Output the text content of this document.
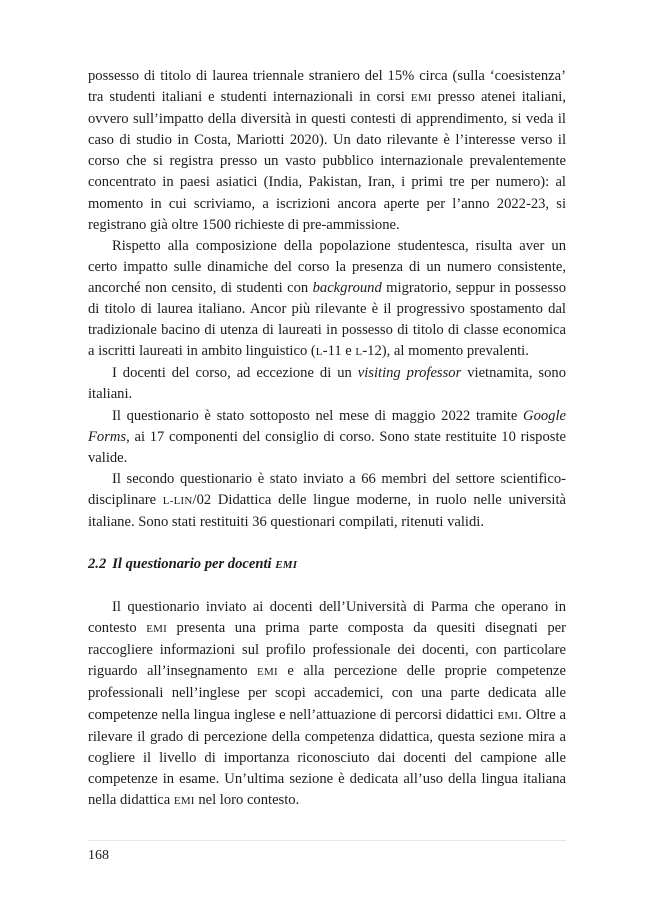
possesso di titolo di laurea triennale straniero del 15% circa (sulla ‘coesistenza’ tra studenti italiani e studenti internazionali in corsi EMI presso atenei italiani, ovvero sull’impatto della diversità in questi contesti di apprendimento, si veda il caso di studio in Costa, Mariotti 2020). Un dato rilevante è l’interesse verso il corso che si registra presso un vasto pubblico internazionale prevalentemente concentrato in paesi asiatici (India, Pakistan, Iran, i primi tre per numero): al momento in cui scriviamo, a iscrizioni ancora aperte per l’anno 2022-23, si registrano già oltre 1500 richieste di pre-ammissione.

Rispetto alla composizione della popolazione studentesca, risulta aver un certo impatto sulle dinamiche del corso la presenza di un numero consistente, ancorché non censito, di studenti con background migratorio, seppur in possesso di titolo di laurea italiano. Ancor più rilevante è il progressivo spostamento dal tradizionale bacino di utenza di laureati in possesso di titolo di classe economica a iscritti laureati in ambito linguistico (L-11 e L-12), al momento prevalenti.

I docenti del corso, ad eccezione di un visiting professor vietnamita, sono italiani.

Il questionario è stato sottoposto nel mese di maggio 2022 tramite Google Forms, ai 17 componenti del consiglio di corso. Sono state restituite 10 risposte valide.

Il secondo questionario è stato inviato a 66 membri del settore scientifico-disciplinare L-LIN/02 Didattica delle lingue moderne, in ruolo nelle università italiane. Sono stati restituiti 36 questionari compilati, ritenuti validi.

2.2 Il questionario per docenti EMI

Il questionario inviato ai docenti dell’Università di Parma che operano in contesto EMI presenta una prima parte composta da quesiti disegnati per raccogliere informazioni sul profilo professionale dei docenti, con particolare riguardo all’insegnamento EMI e alla percezione delle proprie competenze professionali nell’inglese per scopi accademici, con una parte dedicata alle competenze nella lingua inglese e nell’attuazione di percorsi didattici EMI. Oltre a rilevare il grado di percezione della competenza didattica, questa sezione mira a cogliere il livello di importanza riconosciuto dai docenti del campione alle competenze in esame. Un’ultima sezione è dedicata all’uso della lingua italiana nella didattica EMI nel loro contesto.

168
